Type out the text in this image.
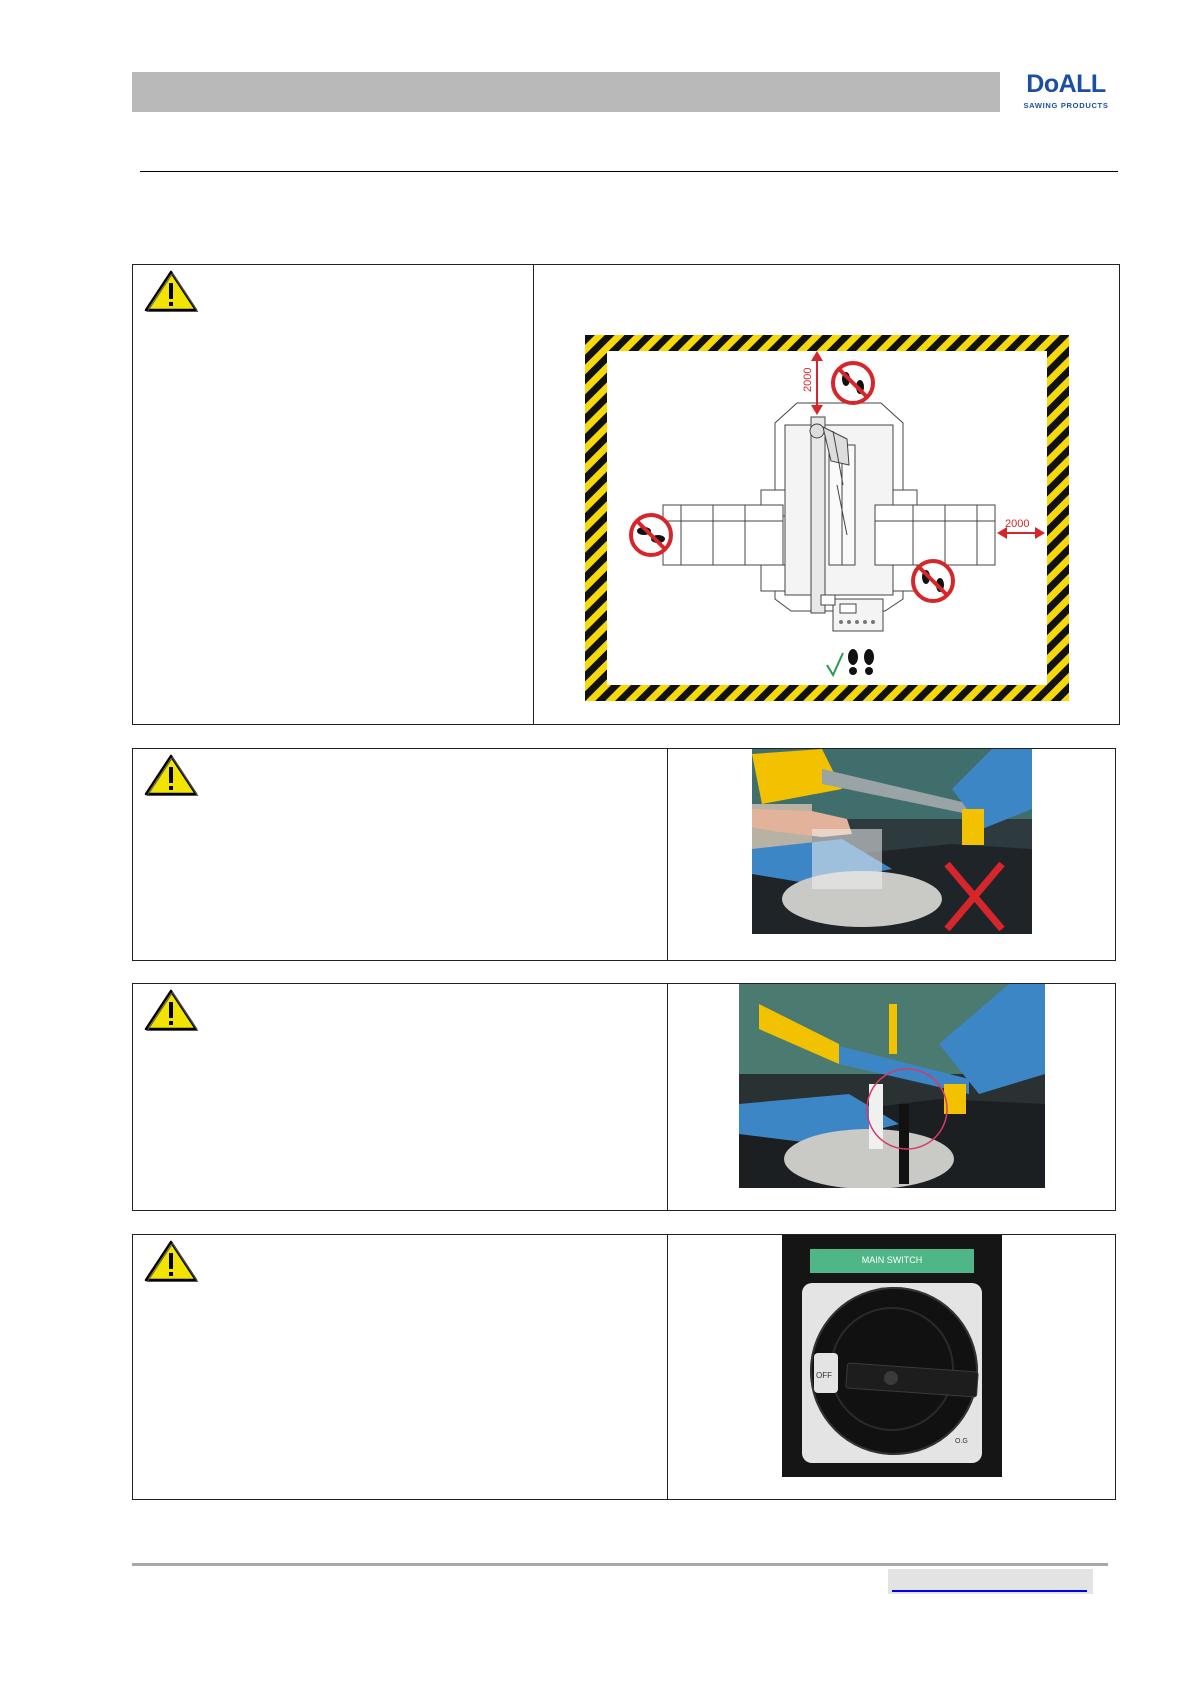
DoALL
SAWING PRODUCTS
2000
2000
MAIN SWITCH
OFF
O.G
